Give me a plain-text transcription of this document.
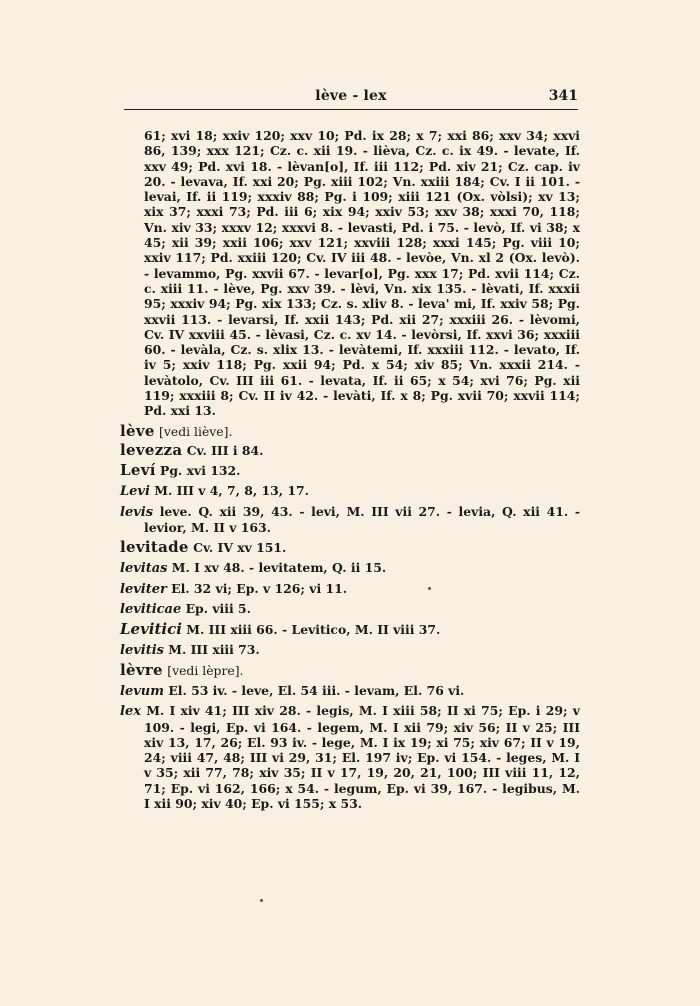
lève - lex	341

61; xvi 18; xxiv 120; xxv 10; Pd. ix 28; x 7; xxi 86; xxv 34; xxvi 86, 139; xxx 121; Cz. c. xii 19. - lièva, Cz. c. ix 49. - levate, If. xxv 49; Pd. xvi 18. - lèvan[o], If. iii 112; Pd. xiv 21; Cz. cap. iv 20. - levava, If. xxi 20; Pg. xiii 102; Vn. xxiii 184; Cv. I ii 101. - levai, If. ii 119; xxxiv 88; Pg. i 109; xiii 121 (Ox. vòlsi); xv 13; xix 37; xxxi 73; Pd. iii 6; xix 94; xxiv 53; xxv 38; xxxi 70, 118; Vn. xiv 33; xxxv 12; xxxvi 8. - levasti, Pd. i 75. - levò, If. vi 38; x 45; xii 39; xxii 106; xxv 121; xxviii 128; xxxi 145; Pg. viii 10; xxiv 117; Pd. xxiii 120; Cv. IV iii 48. - levòe, Vn. xl 2 (Ox. levò). - levammo, Pg. xxvii 67. - levar[o], Pg. xxx 17; Pd. xvii 114; Cz. c. xiii 11. - lève, Pg. xxv 39. - lèvi, Vn. xix 135. - lèvati, If. xxxii 95; xxxiv 94; Pg. xix 133; Cz. s. xliv 8. - leva' mi, If. xxiv 58; Pg. xxvii 113. - levarsi, If. xxii 143; Pd. xii 27; xxxiii 26. - lèvomi, Cv. IV xxviii 45. - lèvasi, Cz. c. xv 14. - levòrsi, If. xxvi 36; xxxiii 60. - levàla, Cz. s. xlix 13. - levàtemi, If. xxxiii 112. - levato, If. iv 5; xxiv 118; Pg. xxii 94; Pd. x 54; xiv 85; Vn. xxxii 214. - levàtolo, Cv. III iii 61. - levata, If. ii 65; x 54; xvi 76; Pg. xii 119; xxxiii 8; Cv. II iv 42. - levàti, If. x 8; Pg. xvii 70; xxvii 114; Pd. xxi 13.

lève [vedi lièvе].

levezza Cv. III i 84.

Leví Pg. xvi 132.

Levi M. III v 4, 7, 8, 13, 17.

levis leve. Q. xii 39, 43. - levi, M. III vii 27. - levia, Q. xii 41. - levior, M. II v 163.

levitade Cv. IV xv 151.

levitas M. I xv 48. - levitatem, Q. ii 15.

leviter El. 32 vi; Ep. v 126; vi 11.

leviticae Ep. viii 5.

Levitici M. III xiii 66. - Levitico, M. II viii 37.

levitis M. III xiii 73.

lèvre [vedi lèpre].

levum El. 53 iv. - leve, El. 54 iii. - levam, El. 76 vi.

lex M. I xiv 41; III xiv 28. - legis, M. I xiii 58; II xi 75; Ep. i 29; v 109. - legi, Ep. vi 164. - legem, M. I xii 79; xiv 56; II v 25; III xiv 13, 17, 26; El. 93 iv. - lege, M. I ix 19; xi 75; xiv 67; II v 19, 24; viii 47, 48; III vi 29, 31; El. 197 iv; Ep. vi 154. - leges, M. I v 35; xii 77, 78; xiv 35; II v 17, 19, 20, 21, 100; III viii 11, 12, 71; Ep. vi 162, 166; x 54. - legum, Ep. vi 39, 167. - legibus, M. I xii 90; xiv 40; Ep. vi 155; x 53.
